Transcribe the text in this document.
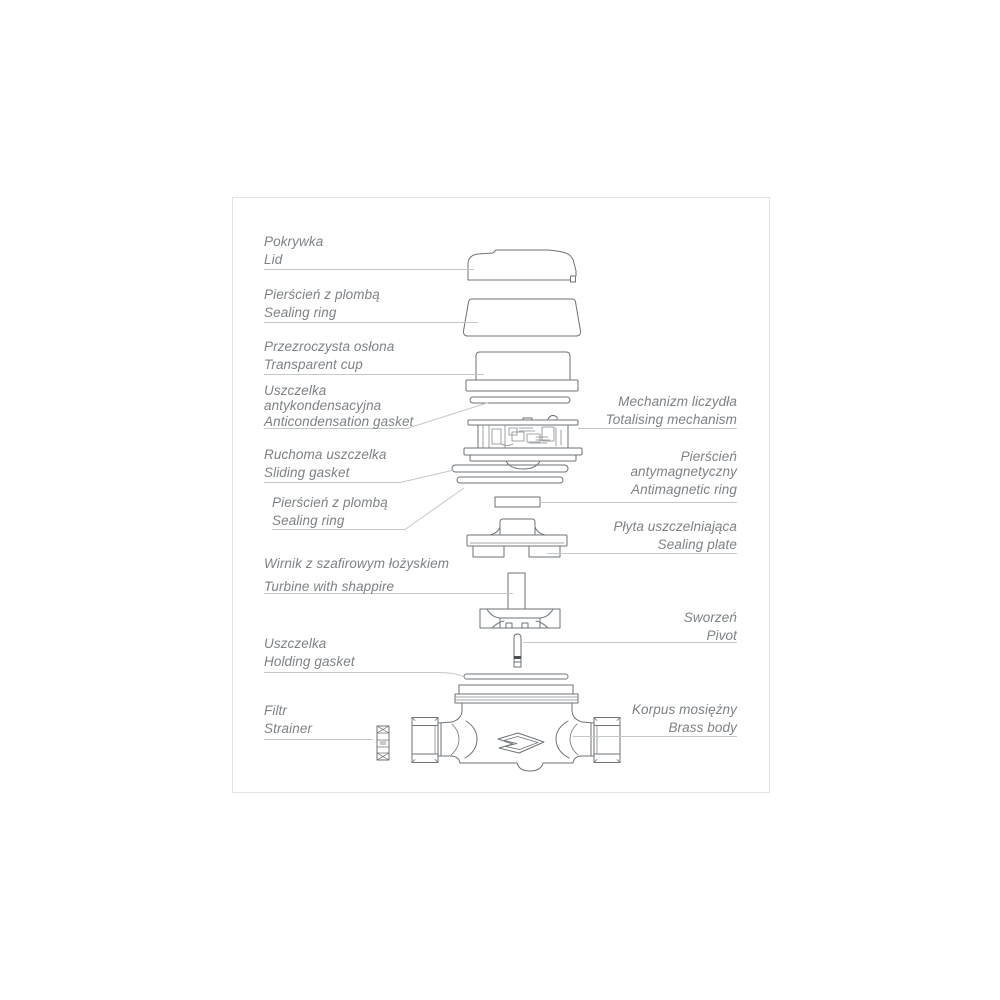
Pokrywka
Lid
Pierścień z plombą
Sealing ring
Przezroczysta osłona
Transparent cup
Uszczelka
antykondensacyjna
Anticondensation gasket
Ruchoma uszczelka
Sliding gasket
Pierścień z plombą
Sealing ring
Wirnik z szafirowym łożyskiem
Turbine with shappire
Uszczelka
Holding gasket
Filtr
Strainer
Mechanizm liczydła
Totalising mechanism
Pierścień
antymagnetyczny
Antimagnetic ring
Płyta uszczelniająca
Sealing plate
Sworzeń
Pivot
Korpus mosiężny
Brass body
